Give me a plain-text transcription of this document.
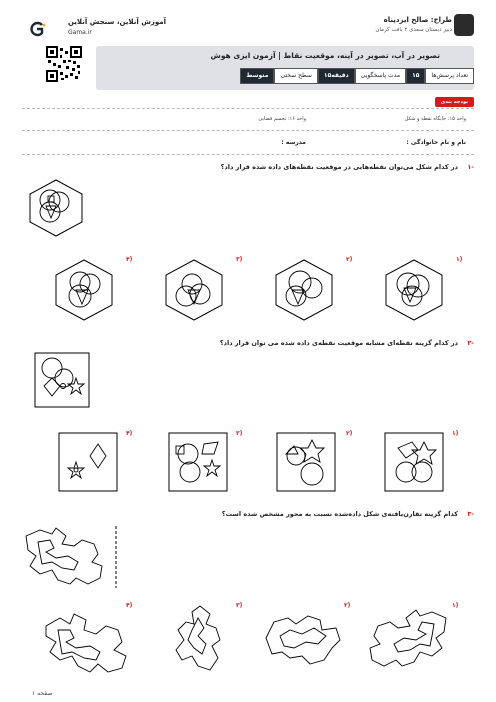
طراح: صالح ایزدپناه
دبیر دبستان سعدی ۲ بافت کرمان
آموزش آنلاین، سنجش آنلاین
Gama.ir
تصویر در آب، تصویر در آینه، موقعیت نقاط | آزمون ایزی هوش
تعداد پرسش‌ها
۱۵
مدت پاسخگویی
۱۵دقیقه
سطح سختی
متوسط
بودجه بندی
واحد ۱۵: جایگاه نقطه و شکل
واحد ۱۶: تجسم فضایی
نام و نام خانوادگی :
مدرسه :
۱-
در کدام شکل می‌توان نقطه‌هایی در موقعیت نقطه‌های داده شده قرار داد؟
۱)
۲)
۳)
۴)
۲-
در کدام گزینه نقطه‌ای مشابه موقعیت نقطه‌ی داده شده می توان قرار داد؟
۱)
۲)
۳)
۴)
۳-
کدام گزینه تقارن‌یافته‌ی شکل داده‌شده نسبت به محور مشخص شده است؟
۱)
۲)
۳)
۴)
صفحه ۱
